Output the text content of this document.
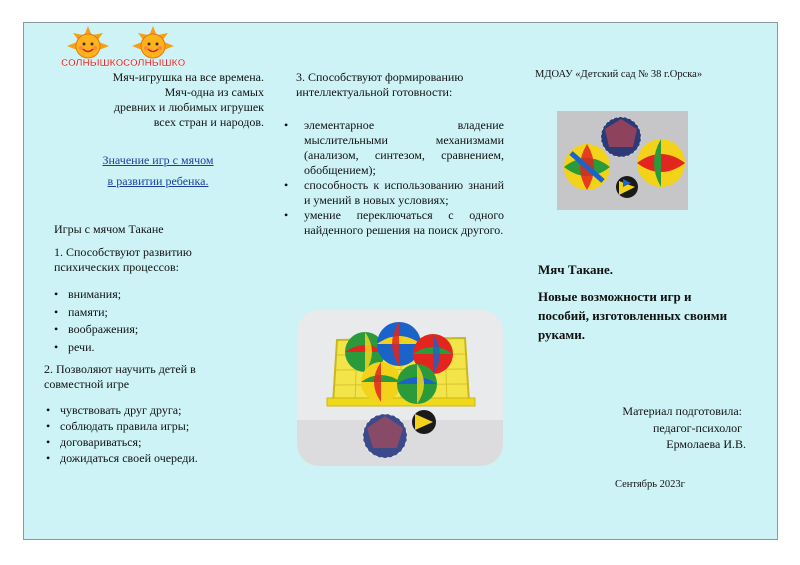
СОЛНЫШКО СОЛНЫШКО
Мяч-игрушка на все времена.
Мяч-одна из самых
древних и любимых игрушек
всех стран и народов.
Значение игр с мячом
в развитии ребенка.
Игры с мячом Такане
1. Способствуют развитию психических процессов:
• внимания;
• памяти;
• воображения;
• речи.
2. Позволяют научить детей в совместной игре
• чувствовать друг друга;
• соблюдать правила игры;
• договариваться;
• дожидаться своей очереди.
3. Способствуют формированию интеллектуальной готовности:
• элементарное владение мыслительными механизмами (анализом, синтезом, сравнением, обобщением);
• способность к использованию знаний и умений в новых условиях;
• умение переключаться с одного найденного решения на поиск другого.
МДОАУ «Детский сад № 38 г.Орска»
Мяч Такане.
Новые возможности игр и пособий, изготовленных своими руками.
Материал подготовила:
педагог-психолог
Ермолаева И.В.
Сентябрь 2023г
